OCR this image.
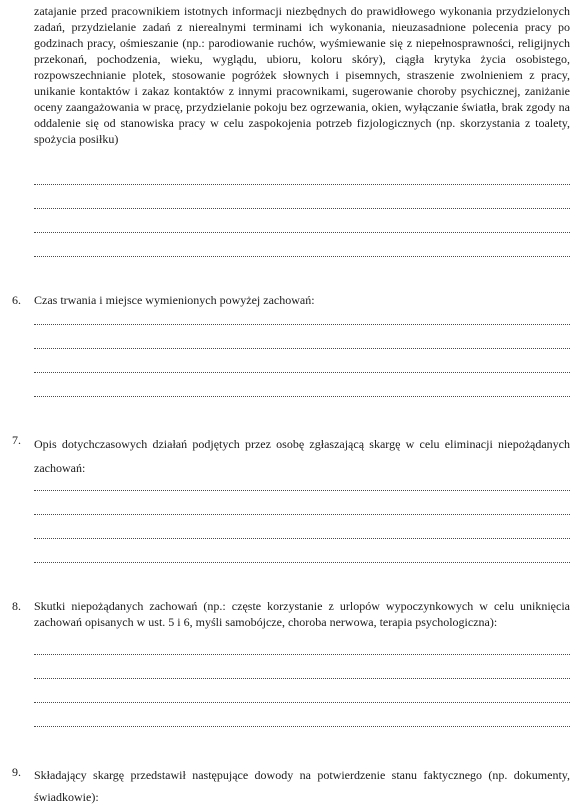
zatajanie przed pracownikiem istotnych informacji niezbędnych do prawidłowego wykonania przydzielonych zadań, przydzielanie zadań z nierealnymi terminami ich wykonania, nieuzasadnione polecenia pracy po godzinach pracy, ośmieszanie (np.: parodiowanie ruchów, wyśmiewanie się z niepełnosprawności, religijnych przekonań, pochodzenia, wieku, wyglądu, ubioru, koloru skóry), ciągła krytyka życia osobistego, rozpowszechnianie plotek, stosowanie pogróżek słownych i pisemnych, straszenie zwolnieniem z pracy, unikanie kontaktów i zakaz kontaktów z innymi pracownikami, sugerowanie choroby psychicznej, zaniżanie oceny zaangażowania w pracę, przydzielanie pokoju bez ogrzewania, okien, wyłączanie światła, brak zgody na oddalenie się od stanowiska pracy w celu zaspokojenia potrzeb fizjologicznych (np. skorzystania z toalety, spożycia posiłku)

6. Czas trwania i miejsce wymienionych powyżej zachowań:

7. Opis dotychczasowych działań podjętych przez osobę zgłaszającą skargę w celu eliminacji niepożądanych zachowań:

8. Skutki niepożądanych zachowań (np.: częste korzystanie z urlopów wypoczynkowych w celu uniknięcia zachowań opisanych w ust. 5 i 6, myśli samobójcze, choroba nerwowa, terapia psychologiczna):

9. Składający skargę przedstawił następujące dowody na potwierdzenie stanu faktycznego (np. dokumenty, świadkowie):
